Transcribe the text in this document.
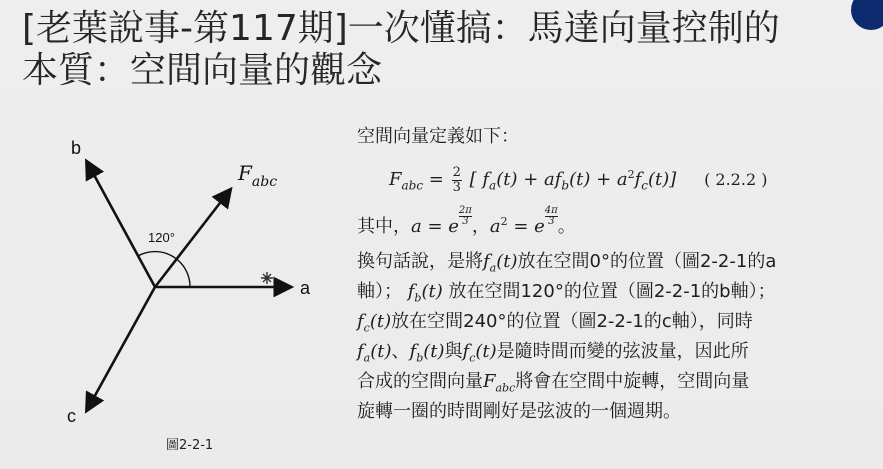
[老葉說事-第117期]一次懂搞：馬達向量控制的
本質：空間向量的觀念
b
a
c
120°
$F_{abc}$
圖2-2-1
空間向量定義如下：
$F_{abc} = \frac{2}{3}$ [ $f_a(t) + af_b(t) + a^2f_c(t)$] ( 2.2.2 )
其中，a = e $\frac{2\pi}{3}$，$a^2 = e \frac{4\pi}{3}$。
換句話說，是將$f_a(t)$放在空間0°的位置（圖2-2-1的a
軸）； $f_b(t)$ 放在空間120°的位置（圖2-2-1的b軸）；
$f_c(t)$放在空間240°的位置（圖2-2-1的c軸），同時
$f_a(t)$、$f_b(t)$與$f_c(t)$是隨時間而變的弦波量，因此所
合成的空間向量$F_{abc}$將會在空間中旋轉，空間向量
旋轉一圈的時間剛好是弦波的一個週期。
